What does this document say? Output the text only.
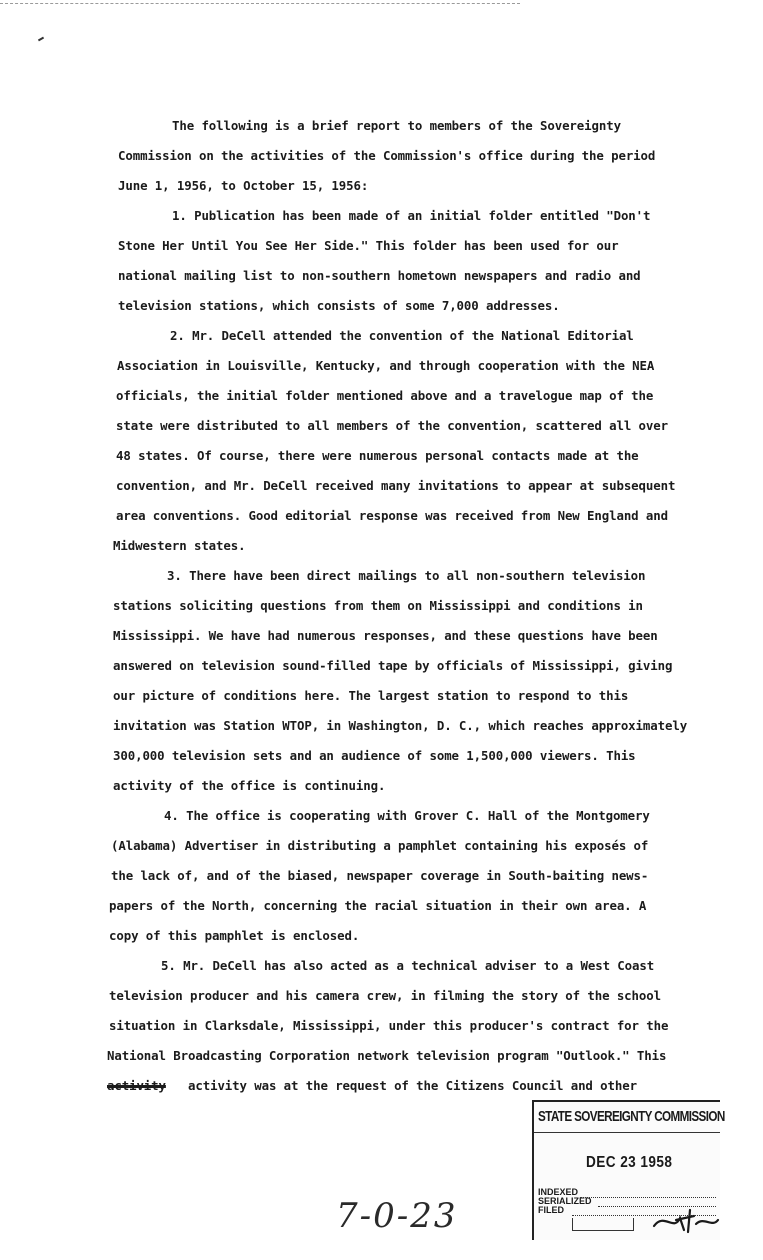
The following is a brief report to members of the Sovereignty
Commission on the activities of the Commission's office during the period
June 1, 1956, to October 15, 1956:
1. Publication has been made of an initial folder entitled "Don't
Stone Her Until You See Her Side." This folder has been used for our
national mailing list to non-southern hometown newspapers and radio and
television stations, which consists of some 7,000 addresses.
2. Mr. DeCell attended the convention of the National Editorial
Association in Louisville, Kentucky, and through cooperation with the NEA
officials, the initial folder mentioned above and a travelogue map of the
state were distributed to all members of the convention, scattered all over
48 states. Of course, there were numerous personal contacts made at the
convention, and Mr. DeCell received many invitations to appear at subsequent
area conventions. Good editorial response was received from New England and
Midwestern states.
3. There have been direct mailings to all non-southern television
stations soliciting questions from them on Mississippi and conditions in
Mississippi. We have had numerous responses, and these questions have been
answered on television sound-filled tape by officials of Mississippi, giving
our picture of conditions here. The largest station to respond to this
invitation was Station WTOP, in Washington, D. C., which reaches approximately
300,000 television sets and an audience of some 1,500,000 viewers. This
activity of the office is continuing.
4. The office is cooperating with Grover C. Hall of the Montgomery
(Alabama) Advertiser in distributing a pamphlet containing his exposés of
the lack of, and of the biased, newspaper coverage in South-baiting news-
papers of the North, concerning the racial situation in their own area. A
copy of this pamphlet is enclosed.
5. Mr. DeCell has also acted as a technical adviser to a West Coast
television producer and his camera crew, in filming the story of the school
situation in Clarksdale, Mississippi, under this producer's contract for the
National Broadcasting Corporation network television program "Outlook." This
activity was at the request of the Citizens Council and other
activity
STATE SOVEREIGNTY COMMISSION
DEC 23 1958
INDEXED
SERIALIZED
FILED
7-0-23
